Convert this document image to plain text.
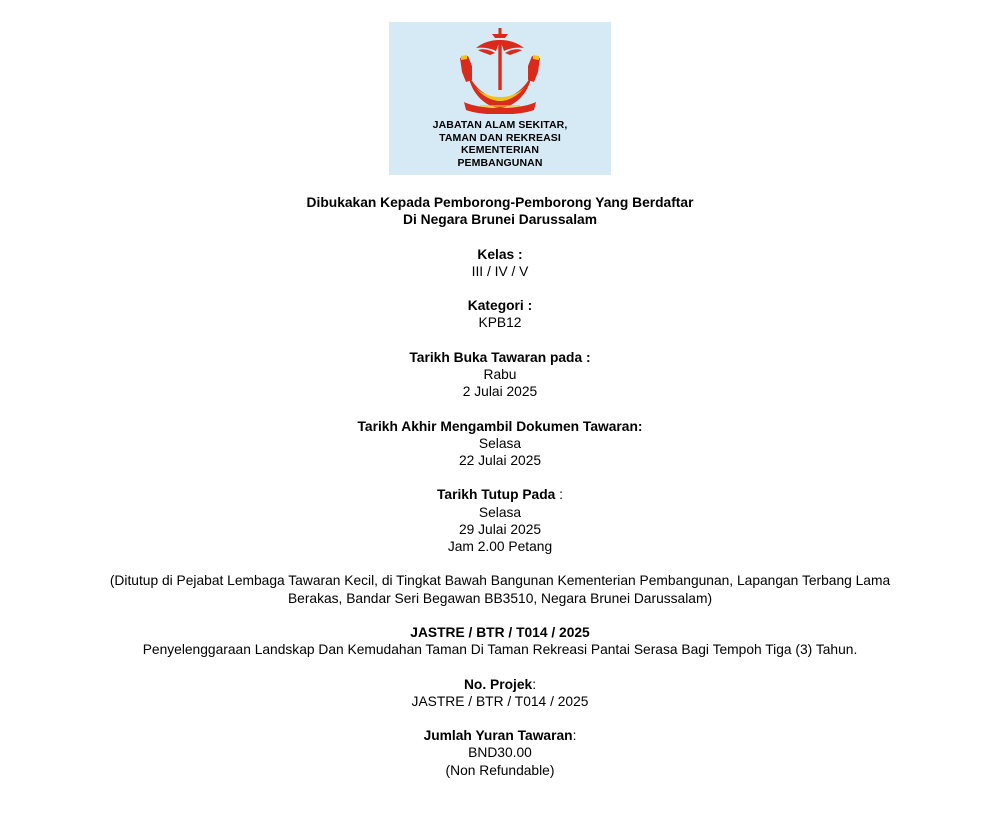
JABATAN ALAM SEKITAR,
TAMAN DAN REKREASI
KEMENTERIAN
PEMBANGUNAN

Dibukakan Kepada Pemborong-Pemborong Yang Berdaftar

Di Negara Brunei Darussalam

Kelas :

III / IV / V

Kategori :

KPB12

Tarikh Buka Tawaran pada :

Rabu

2 Julai 2025

Tarikh Akhir Mengambil Dokumen Tawaran:

Selasa

22 Julai 2025

Tarikh Tutup Pada :

Selasa

29 Julai 2025

Jam 2.00 Petang

(Ditutup di Pejabat Lembaga Tawaran Kecil, di Tingkat Bawah Bangunan Kementerian Pembangunan, Lapangan Terbang Lama

Berakas, Bandar Seri Begawan BB3510, Negara Brunei Darussalam)

JASTRE / BTR / T014 / 2025

Penyelenggaraan Landskap Dan Kemudahan Taman Di Taman Rekreasi Pantai Serasa Bagi Tempoh Tiga (3) Tahun.

No. Projek:

JASTRE / BTR / T014 / 2025

Jumlah Yuran Tawaran:

BND30.00

(Non Refundable)
